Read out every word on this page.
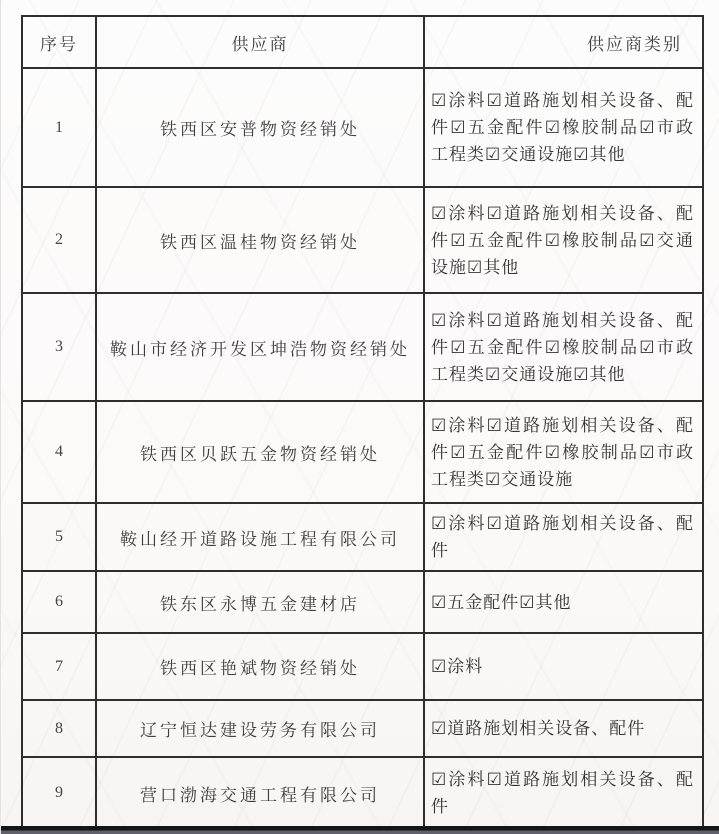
序号	供应商	供应商类别
1	铁西区安普物资经销处	☑涂料☑道路施划相关设备、配件☑五金配件☑橡胶制品☑市政工程类☑交通设施☑其他
2	铁西区温桂物资经销处	☑涂料☑道路施划相关设备、配件☑五金配件☑橡胶制品☑交通设施☑其他
3	鞍山市经济开发区坤浩物资经销处	☑涂料☑道路施划相关设备、配件☑五金配件☑橡胶制品☑市政工程类☑交通设施☑其他
4	铁西区贝跃五金物资经销处	☑涂料☑道路施划相关设备、配件☑五金配件☑橡胶制品☑市政工程类☑交通设施
5	鞍山经开道路设施工程有限公司	☑涂料☑道路施划相关设备、配件
6	铁东区永博五金建材店	☑五金配件☑其他
7	铁西区艳斌物资经销处	☑涂料
8	辽宁恒达建设劳务有限公司	☑道路施划相关设备、配件
9	营口渤海交通工程有限公司	☑涂料☑道路施划相关设备、配件
